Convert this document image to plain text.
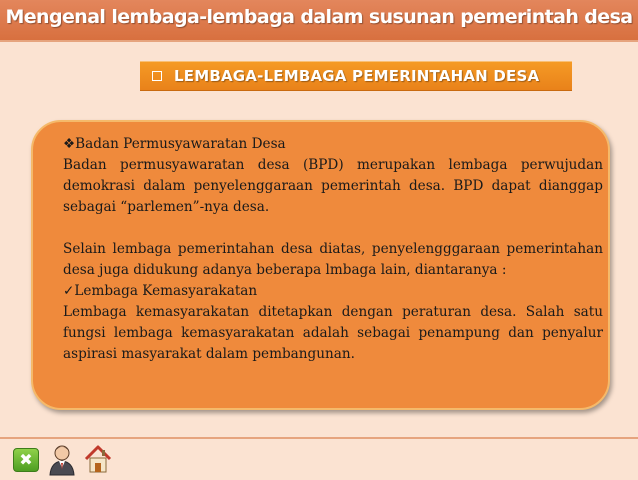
Mengenal lembaga-lembaga dalam susunan pemerintah desa
LEMBAGA-LEMBAGA PEMERINTAHAN DESA

❖Badan Permusyawaratan Desa

Badan permusyawaratan desa (BPD) merupakan lembaga perwujudan demokrasi dalam penyelenggaraan pemerintah desa. BPD dapat dianggap sebagai “parlemen”-nya desa.

Selain lembaga pemerintahan desa diatas, penyelengggaraan pemerintahan desa juga didukung adanya beberapa lmbaga lain, diantaranya :

✓Lembaga Kemasyarakatan

Lembaga kemasyarakatan ditetapkan dengan peraturan desa. Salah satu fungsi lembaga kemasyarakatan adalah sebagai penampung dan penyalur aspirasi masyarakat dalam pembangunan.

✖
